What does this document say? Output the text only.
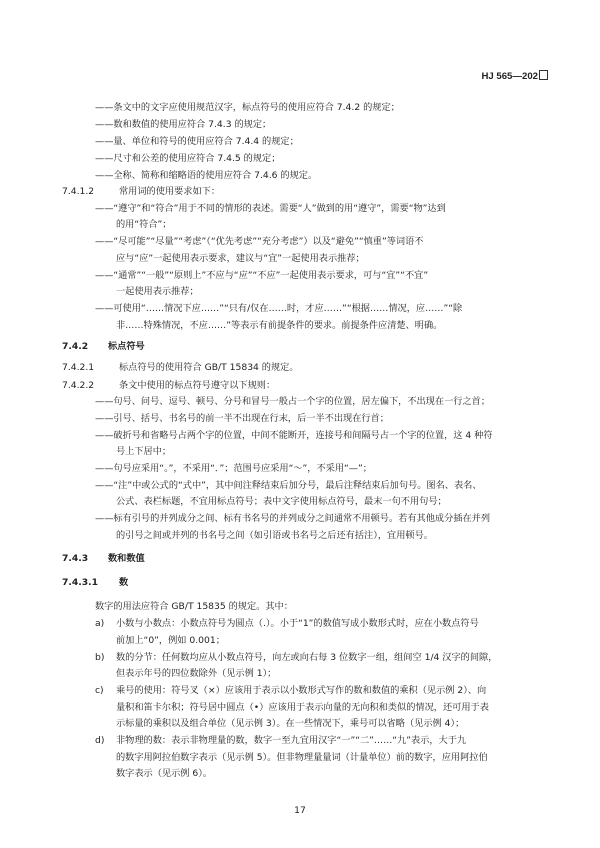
HJ 565—202
——条文中的文字应使用规范汉字，标点符号的使用应符合 7.4.2 的规定；
——数和数值的使用应符合 7.4.3 的规定；
——量、单位和符号的使用应符合 7.4.4 的规定；
——尺寸和公差的使用应符合 7.4.5 的规定；
——全称、简称和缩略语的使用应符合 7.4.6 的规定。
7.4.1.2	常用词的使用要求如下：
——“遵守”和“符合”用于不同的情形的表述。需要“人”做到的用“遵守”，需要“物”达到
的用“符合”；
——“尽可能”“尽量”“考虑”（“优先考虑”“充分考虑”）以及“避免”“慎重”等词语不
应与“应”一起使用表示要求，建议与“宜”一起使用表示推荐；
——“通常”“一般”“原则上”不应与“应”“不应”一起使用表示要求，可与“宜”“不宜”
一起使用表示推荐；
——可使用“……情况下应……”“只有/仅在……时，才应……”“根据……情况，应……”“除
非……特殊情况，不应……”等表示有前提条件的要求。前提条件应清楚、明确。
7.4.2 标点符号
7.4.2.1	标点符号的使用符合 GB/T 15834 的规定。
7.4.2.2	条文中使用的标点符号遵守以下规则：
——句号、问号、逗号、顿号、分号和冒号一般占一个字的位置，居左偏下，不出现在一行之首；
——引号、括号、书名号的前一半不出现在行末，后一半不出现在行首；
——破折号和省略号占两个字的位置，中间不能断开，连接号和间隔号占一个字的位置，这 4 种符
号上下居中；
——句号应采用“。”，不采用“．”；范围号应采用“～”，不采用“—”；
——“注”中或公式的“式中”，其中间注释结束后加分号，最后注释结束后加句号。图名、表名、
公式、表栏标题，不宜用标点符号；表中文字使用标点符号，最末一句不用句号；
——标有引号的并列成分之间、标有书名号的并列成分之间通常不用顿号。若有其他成分插在并列
的引号之间或并列的书名号之间（如引语或书名号之后还有括注），宜用顿号。
7.4.3 数和数值
7.4.3.1 数
数字的用法应符合 GB/T 15835 的规定。其中：
a) 小数与小数点：小数点符号为圆点（.）。小于“1”的数值写成小数形式时，应在小数点符号
前加上“0”，例如 0.001；
b) 数的分节：任何数均应从小数点符号，向左或向右每 3 位数字一组，组间空 1/4 汉字的间隙，
但表示年号的四位数除外（见示例 1）；
c) 乘号的使用：符号叉（×）应该用于表示以小数形式写作的数和数值的乘积（见示例 2）、向
量积和笛卡尔积；符号居中圆点（•）应该用于表示向量的无向积和类似的情况，还可用于表
示标量的乘积以及组合单位（见示例 3）。在一些情况下，乘号可以省略（见示例 4）；
d) 非物理的数：表示非物理量的数，数字一至九宜用汉字“一”“二”……“九”表示，大于九
的数字用阿拉伯数字表示（见示例 5）。但非物理量量词（计量单位）前的数字，应用阿拉伯
数字表示（见示例 6）。
17
